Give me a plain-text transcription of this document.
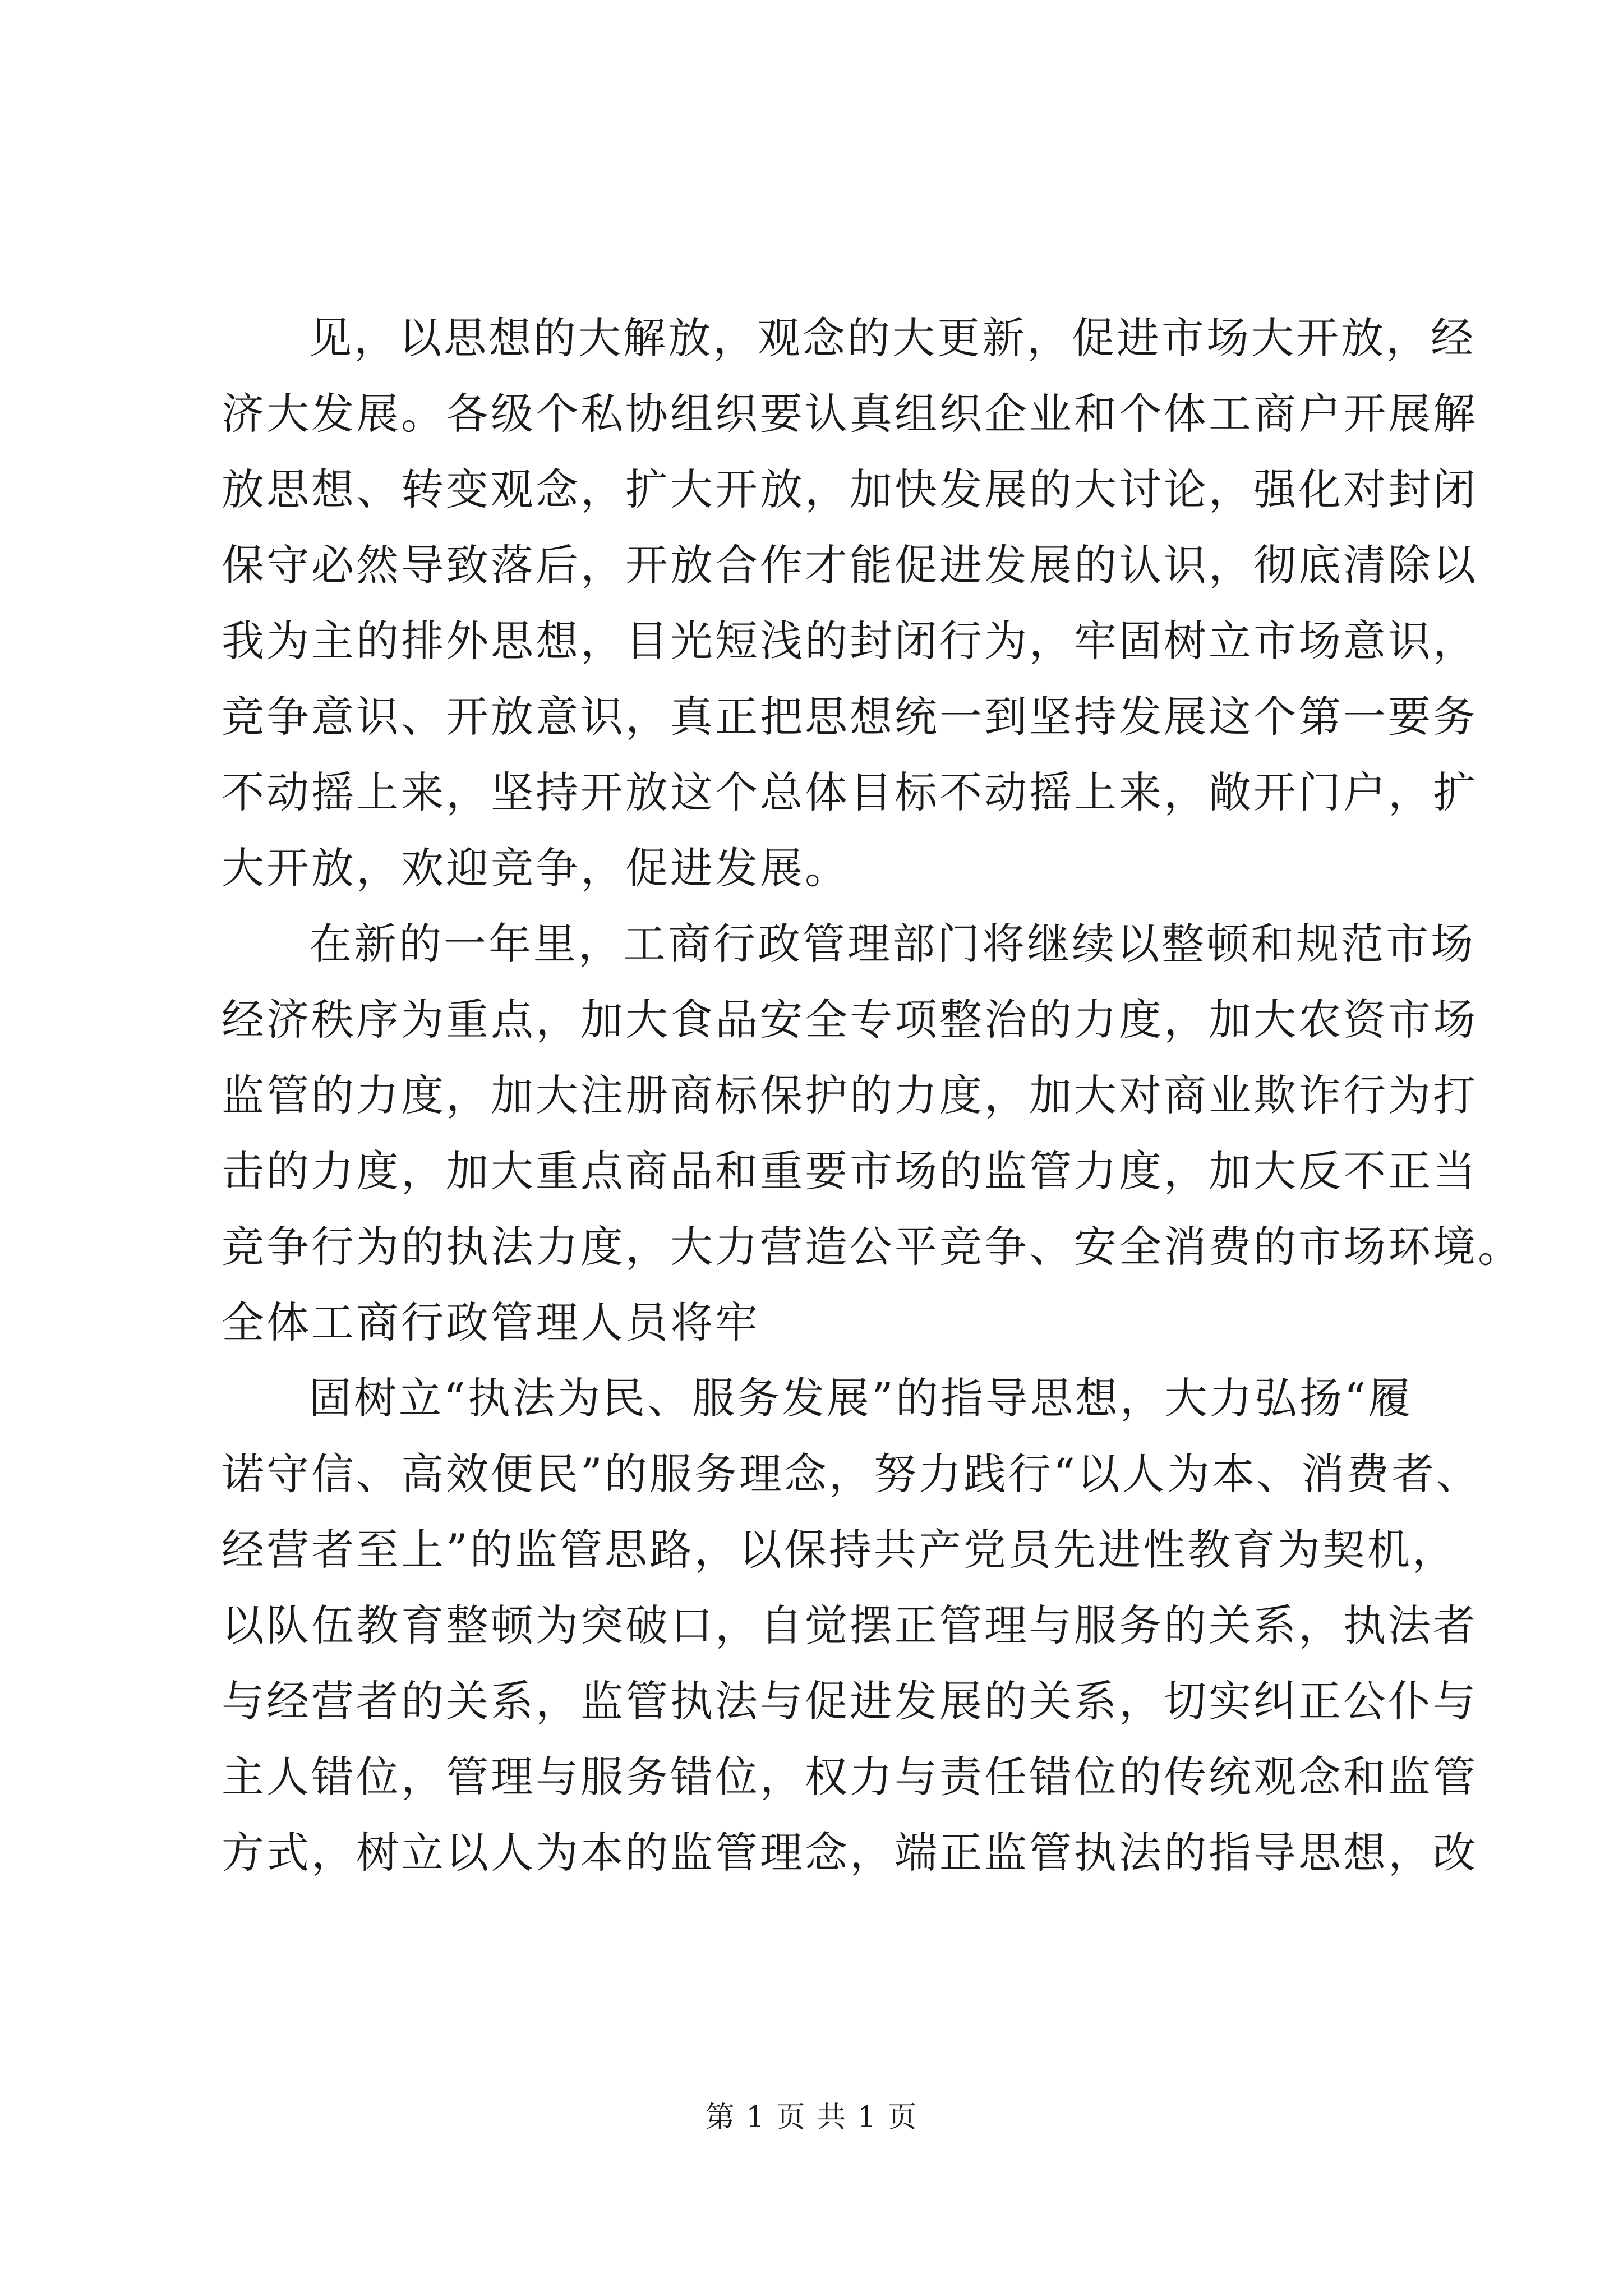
见，以思想的大解放，观念的大更新，促进市场大开放，经
济大发展。各级个私协组织要认真组织企业和个体工商户开展解
放思想、转变观念，扩大开放，加快发展的大讨论，强化对封闭
保守必然导致落后，开放合作才能促进发展的认识，彻底清除以
我为主的排外思想，目光短浅的封闭行为，牢固树立市场意识，
竞争意识、开放意识，真正把思想统一到坚持发展这个第一要务
不动摇上来，坚持开放这个总体目标不动摇上来，敞开门户，扩
大开放，欢迎竞争，促进发展。
在新的一年里，工商行政管理部门将继续以整顿和规范市场
经济秩序为重点，加大食品安全专项整治的力度，加大农资市场
监管的力度，加大注册商标保护的力度，加大对商业欺诈行为打
击的力度，加大重点商品和重要市场的监管力度，加大反不正当
竞争行为的执法力度，大力营造公平竞争、安全消费的市场环境。
全体工商行政管理人员将牢
固树立“执法为民、服务发展”的指导思想，大力弘扬“履
诺守信、高效便民”的服务理念，努力践行“以人为本、消费者、
经营者至上”的监管思路，以保持共产党员先进性教育为契机，
以队伍教育整顿为突破口，自觉摆正管理与服务的关系，执法者
与经营者的关系，监管执法与促进发展的关系，切实纠正公仆与
主人错位，管理与服务错位，权力与责任错位的传统观念和监管
方式，树立以人为本的监管理念，端正监管执法的指导思想，改
第 1 页 共 1 页
